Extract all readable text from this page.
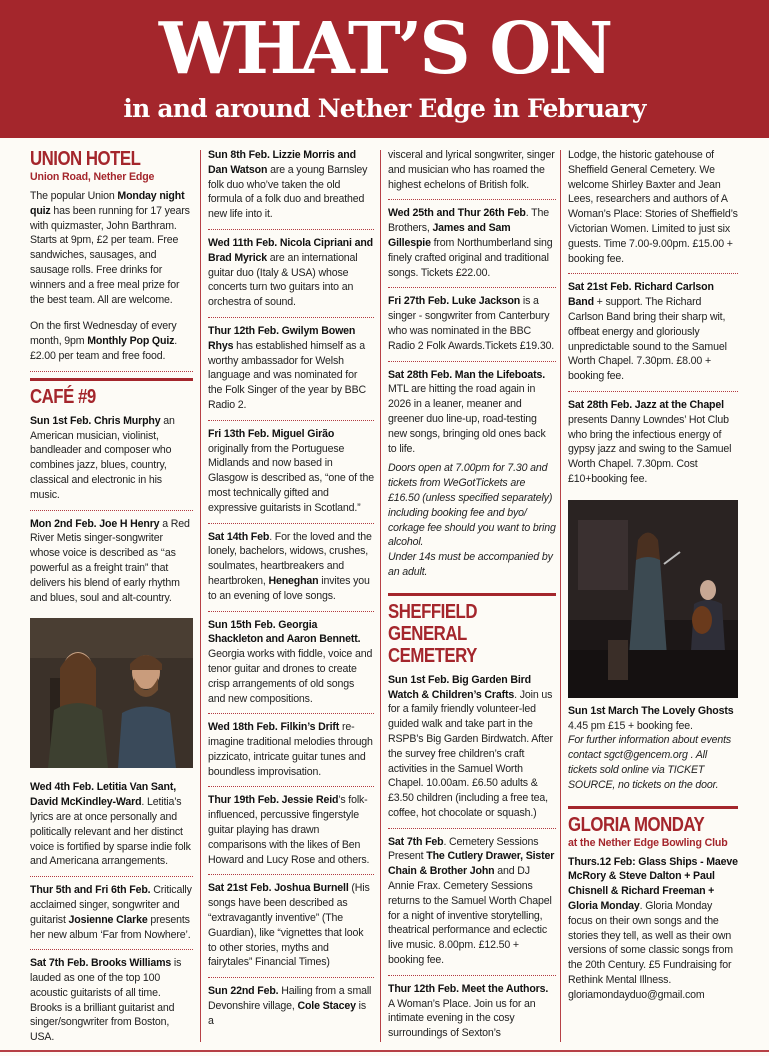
WHAT’S ON
in and around Nether Edge in February
UNION HOTEL
Union Road, Nether Edge

The popular Union Monday night quiz has been running for 17 years with quizmaster, John Barthram. Starts at 9pm, £2 per team. Free sandwiches, sausages, and sausage rolls. Free drinks for winners and a free meal prize for the best team. All are welcome.

On the first Wednesday of every month, 9pm Monthly Pop Quiz. £2.00 per team and free food.

CAFÉ #9

Sun 1st Feb. Chris Murphy an American musician, violinist, bandleader and composer who combines jazz, blues, country, classical and electronic in his music.

Mon 2nd Feb. Joe H Henry a Red River Metis singer-songwriter whose voice is described as ‘‘as powerful as a freight train” that delivers his blend of early rhythm and blues, soul and alt-country.

Wed 4th Feb. Letitia Van Sant, David McKindley-Ward. Letitia’s lyrics are at once personally and politically relevant and her distinct voice is fortified by sparse indie folk and Americana arrangements.

Thur 5th and Fri 6th Feb. Critically acclaimed singer, songwriter and guitarist Josienne Clarke presents her new album ‘Far from Nowhere’.

Sat 7th Feb. Brooks Williams is lauded as one of the top 100 acoustic guitarists of all time. Brooks is a brilliant guitarist and singer/songwriter from Boston, USA.

Sun 8th Feb. Lizzie Morris and Dan Watson are a young Barnsley folk duo who’ve taken the old formula of a folk duo and breathed new life into it.

Wed 11th Feb. Nicola Cipriani and Brad Myrick are an international guitar duo (Italy & USA) whose concerts turn two guitars into an orchestra of sound.

Thur 12th Feb. Gwilym Bowen Rhys has established himself as a worthy ambassador for Welsh language and was nominated for the Folk Singer of the year by BBC Radio 2.

Fri 13th Feb. Miguel Girão originally from the Portuguese Midlands and now based in Glasgow is described as, “one of the most technically gifted and expressive guitarists in Scotland.”

Sat 14th Feb. For the loved and the lonely, bachelors, widows, crushes, soulmates, heartbreakers and heartbroken, Heneghan invites you to an evening of love songs.

Sun 15th Feb. Georgia Shackleton and Aaron Bennett. Georgia works with fiddle, voice and tenor guitar and drones to create crisp arrangements of old songs and new compositions.

Wed 18th Feb. Filkin’s Drift re-imagine traditional melodies through pizzicato, intricate guitar tunes and boundless improvisation.

Thur 19th Feb. Jessie Reid’s folk-influenced, percussive fingerstyle guitar playing has drawn comparisons with the likes of Ben Howard and Lucy Rose and others.

Sat 21st Feb. Joshua Burnell (His songs have been described as “extravagantly inventive” (The Guardian), like “vignettes that look to other stories, myths and fairytales” Financial Times)

Sun 22nd Feb. Hailing from a small Devonshire village, Cole Stacey is a

visceral and lyrical songwriter, singer and musician who has roamed the highest echelons of British folk.

Wed 25th and Thur 26th Feb. The Brothers, James and Sam Gillespie from Northumberland sing finely crafted original and traditional songs. Tickets £22.00.

Fri 27th Feb. Luke Jackson is a singer - songwriter from Canterbury who was nominated in the BBC Radio 2 Folk Awards.Tickets £19.30.

Sat 28th Feb. Man the Lifeboats. MTL are hitting the road again in 2026 in a leaner, meaner and greener duo line-up, road-testing new songs, bringing old ones back to life.

Doors open at 7.00pm for 7.30 and tickets from WeGotTickets are £16.50 (unless specified separately) including booking fee and byo/ corkage fee should you want to bring alcohol.

Under 14s must be accompanied by an adult.

SHEFFIELD GENERAL CEMETERY

Sun 1st Feb. Big Garden Bird Watch & Children’s Crafts. Join us for a family friendly volunteer-led guided walk and take part in the RSPB’s Big Garden Birdwatch. After the survey free children’s craft activities in the Samuel Worth Chapel. 10.00am. £6.50 adults & £3.50 children (including a free tea, coffee, hot chocolate or squash.)

Sat 7th Feb. Cemetery Sessions Present The Cutlery Drawer, Sister Chain & Brother John and DJ Annie Frax. Cemetery Sessions returns to the Samuel Worth Chapel for a night of inventive storytelling, theatrical performance and eclectic live music. 8.00pm. £12.50 + booking fee.

Thur 12th Feb. Meet the Authors. A Woman’s Place. Join us for an intimate evening in the cosy surroundings of Sexton’s

Lodge, the historic gatehouse of Sheffield General Cemetery. We welcome Shirley Baxter and Jean Lees, researchers and authors of A Woman’s Place: Stories of Sheffield’s Victorian Women. Limited to just six guests. Time 7.00-9.00pm. £15.00 + booking fee.

Sat 21st Feb. Richard Carlson Band + support. The Richard Carlson Band bring their sharp wit, offbeat energy and gloriously unpredictable sound to the Samuel Worth Chapel. 7.30pm. £8.00 + booking fee.

Sat 28th Feb. Jazz at the Chapel presents Danny Lowndes’ Hot Club who bring the infectious energy of gypsy jazz and swing to the Samuel Worth Chapel. 7.30pm. Cost £10+booking fee.

Sun 1st March The Lovely Ghosts

4.45 pm £15 + booking fee.

For further information about events contact sgct@gencem.org . All tickets sold online via TICKET SOURCE, no tickets on the door.

GLORIA MONDAY
at the Nether Edge Bowling Club

Thurs.12 Feb: Glass Ships - Maeve McRory & Steve Dalton + Paul Chisnell & Richard Freeman + Gloria Monday. Gloria Monday focus on their own songs and the stories they tell, as well as their own versions of some classic songs from the 20th Century. £5 Fundraising for Rethink Mental Illness.

gloriamondayduo@gmail.com
